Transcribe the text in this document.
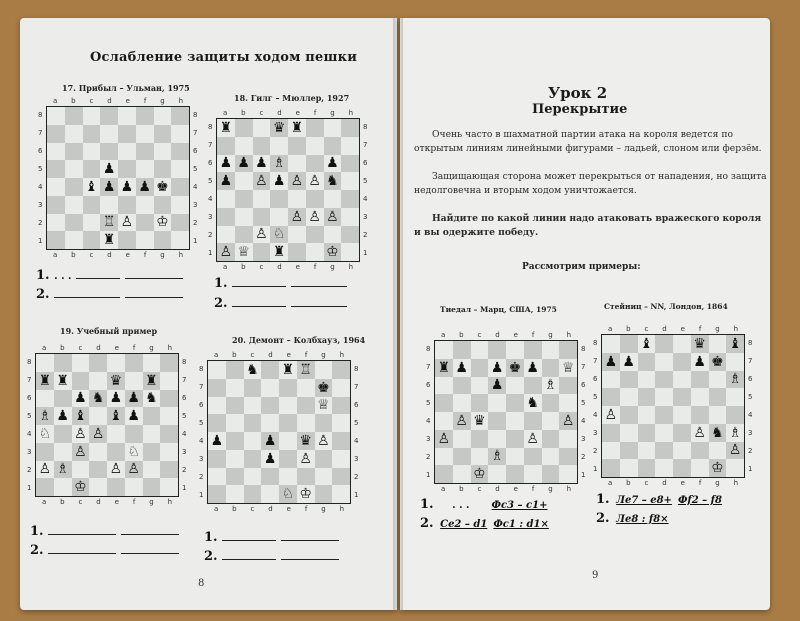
Ослабление защиты ходом пешки
17. Прибыл – Ульман, 1975
18. Гилг – Мюллер, 1927
19. Учебный пример
20. Демонт – Колбхауз, 1964
♟
♝ ♟ ♟ ♟ ♚
♖ ♙ ♔
♜
♜	♛ ♜
♟ ♟ ♟ ♗	♟
♟ ♙ ♟ ♙ ♙ ♞
♙ ♙ ♙
♙ ♘
♙ ♕ ♜	♔
♜ ♜	♛ ♜
♟ ♞ ♟ ♟ ♞
♗ ♟ ♝ ♝ ♟
♘ ♙ ♙
♙	♘
♙ ♗	♙ ♙
♔
♞ ♜ ♖
♚
♕
♟	♟ ♛ ♙
♟ ♙
♘ ♔
1. . . .
2.
1.
2.
1.
2.
1.
2.
8
Урок 2
Перекрытие
Очень часто в шахматной партии атака на короля ведется по открытым линиям линейными фигурами – ладьей, слоном или ферзём.
Защищающая сторона может перекрыться от нападения, но защита недолговечна и вторым ходом уничтожается.
Найдите по какой линии надо атаковать вражеского короля и вы одержите победу.
Рассмотрим примеры:
Тиедал – Марц, США, 1975	Стейниц – NN, Лондон, 1864
♜ ♟ ♟ ♚ ♟ ♕
♟	♗
♞
♙ ♛	♙
♙	♙
♗
♔
♝	♛ ♝
♟ ♟	♟ ♚
♗
♙
♙ ♞ ♗
♙
♔
1. . . . Фс3 – с1+
2. Се2 – d1 Фс1 : d1×
1. Ле7 – е8+ Фf2 – f8
2. Ле8 : f8×
9
a b c d e f g h
a b c d e f g h
8
7
6
5
4
3
2
1
8
7
6
5
4
3
2
1
a b c d e f g h
a b c d e f g h
8
7
6
5
4
3
2
1
8
7
6
5
4
3
2
1
a b c d e f g h
a b c d e f g h
8
7
6
5
4
3
2
1
8
7
6
5
4
3
2
1
a b c d e f g h
a b c d e f g h
8
7
6
5
4
3
2
1
8
7
6
5
4
3
2
1
a b c d e f g h
a b c d e f g h
8
7
6
5
4
3
2
1
8
7
6
5
4
3
2
1
a b c d e f g h
a b c d e f g h
8
7
6
5
4
3
2
1
8
7
6
5
4
3
2
1
